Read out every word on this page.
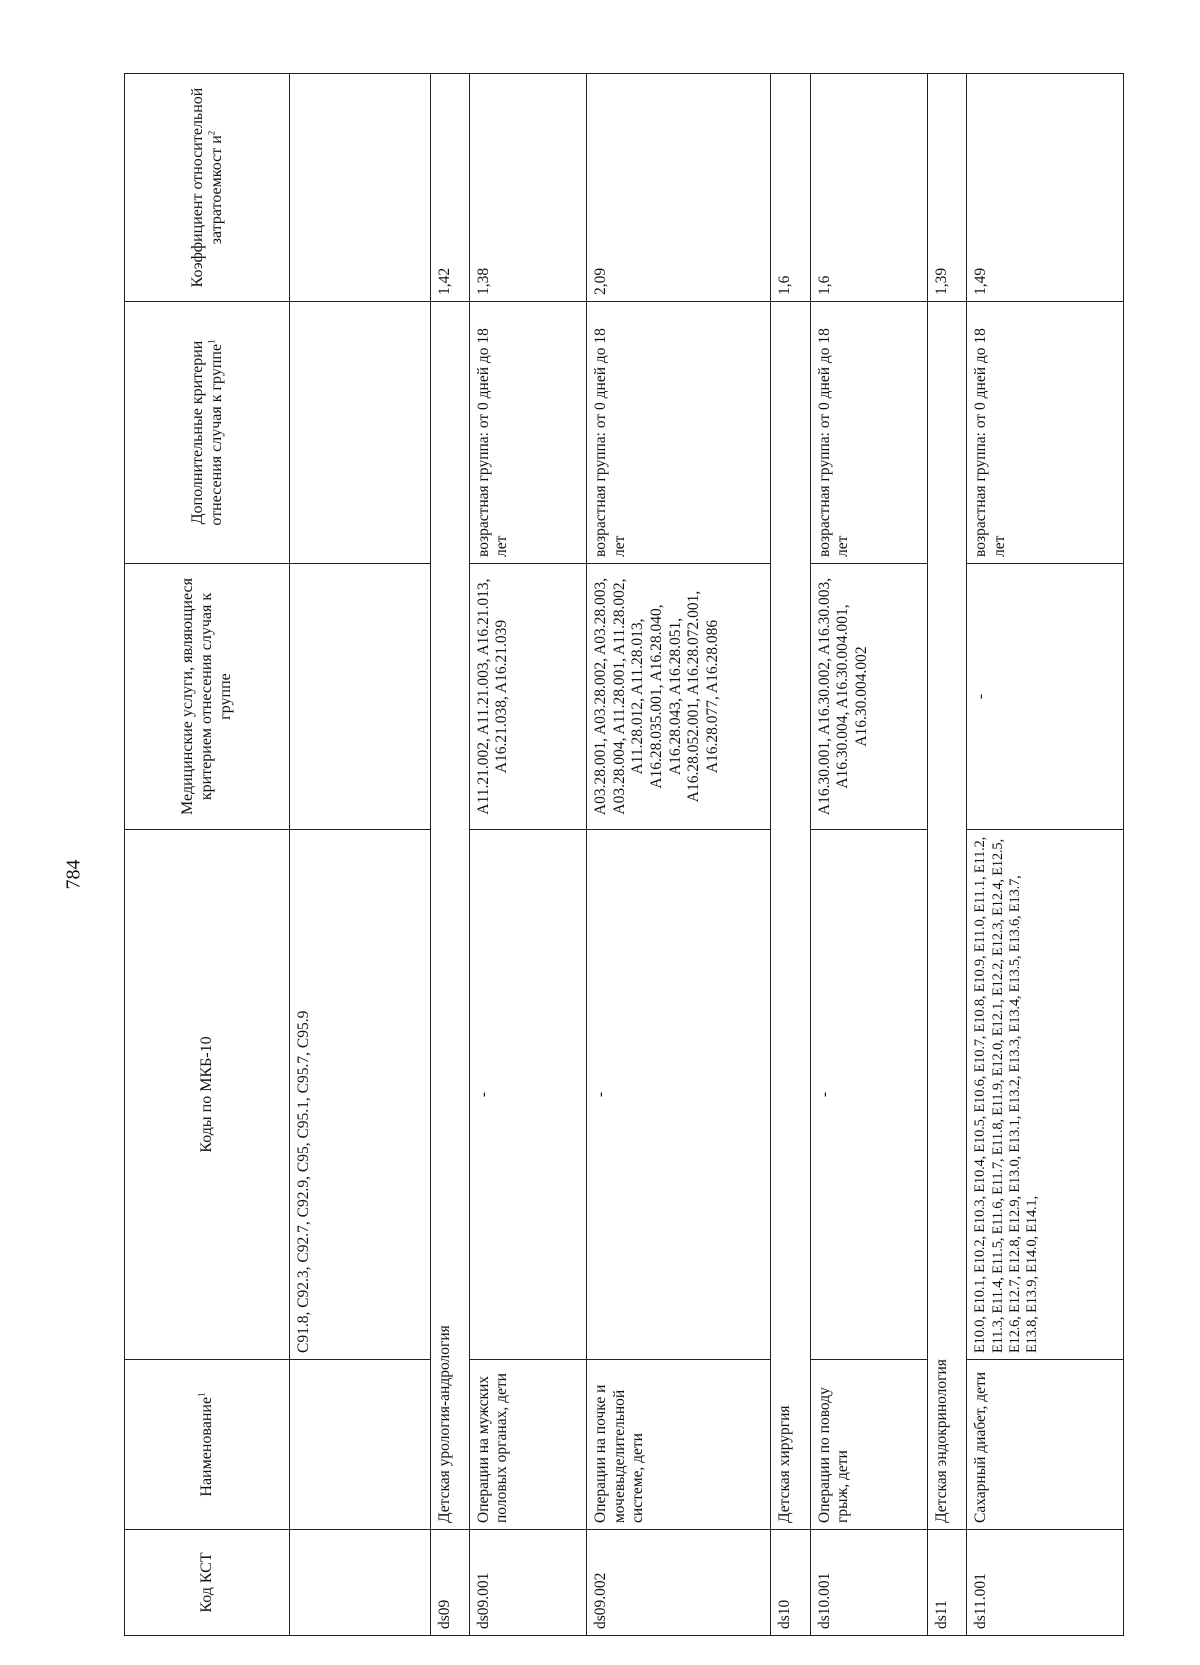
784
Код КСТ	Наименование$^1$	Коды по МКБ-10	Медицинские услуги, являющиеся критерием отнесения случая к группе	Дополнительные критерии отнесения случая к группе$^1$	Коэффициент относительной затратоемкост $и^2$
		C91.8, C92.3, C92.7, C92.9, C95, C95.1, C95.7, C95.9			
ds09	Детская урология-андрология				1,42
ds09.001	Операции на мужских половых органах, дети	-	A11.21.002, A11.21.003, A16.21.013, A16.21.038, A16.21.039	возрастная группа: от 0 дней до 18 лет	1,38
ds09.002	Операции на почке и мочевыделительной системе, дети	-	A03.28.001, A03.28.002, A03.28.003, A03.28.004, A11.28.001, A11.28.002, A11.28.012, A11.28.013, A16.28.035.001, A16.28.040, A16.28.043, A16.28.051, A16.28.052.001, A16.28.072.001, A16.28.077, A16.28.086	возрастная группа: от 0 дней до 18 лет	2,09
ds10	Детская хирургия				1,6
ds10.001	Операции по поводу грыж, дети	-	A16.30.001, A16.30.002, A16.30.003, A16.30.004, A16.30.004.001, A16.30.004.002	возрастная группа: от 0 дней до 18 лет	1,6
ds11	Детская эндокринология				1,39
ds11.001	Сахарный диабет, дети	E10.0, E10.1, E10.2, E10.3, E10.4, E10.5, E10.6, E10.7, E10.8, E10.9, E11.0, E11.1, E11.2, E11.3, E11.4, E11.5, E11.6, E11.7, E11.8, E11.9, E12.0, E12.1, E12.2, E12.3, E12.4, E12.5, E12.6, E12.7, E12.8, E12.9, E13.0, E13.1, E13.2, E13.3, E13.4, E13.5, E13.6, E13.7, E13.8, E13.9, E14.0, E14.1,	-	возрастная группа: от 0 дней до 18 лет	1,49
